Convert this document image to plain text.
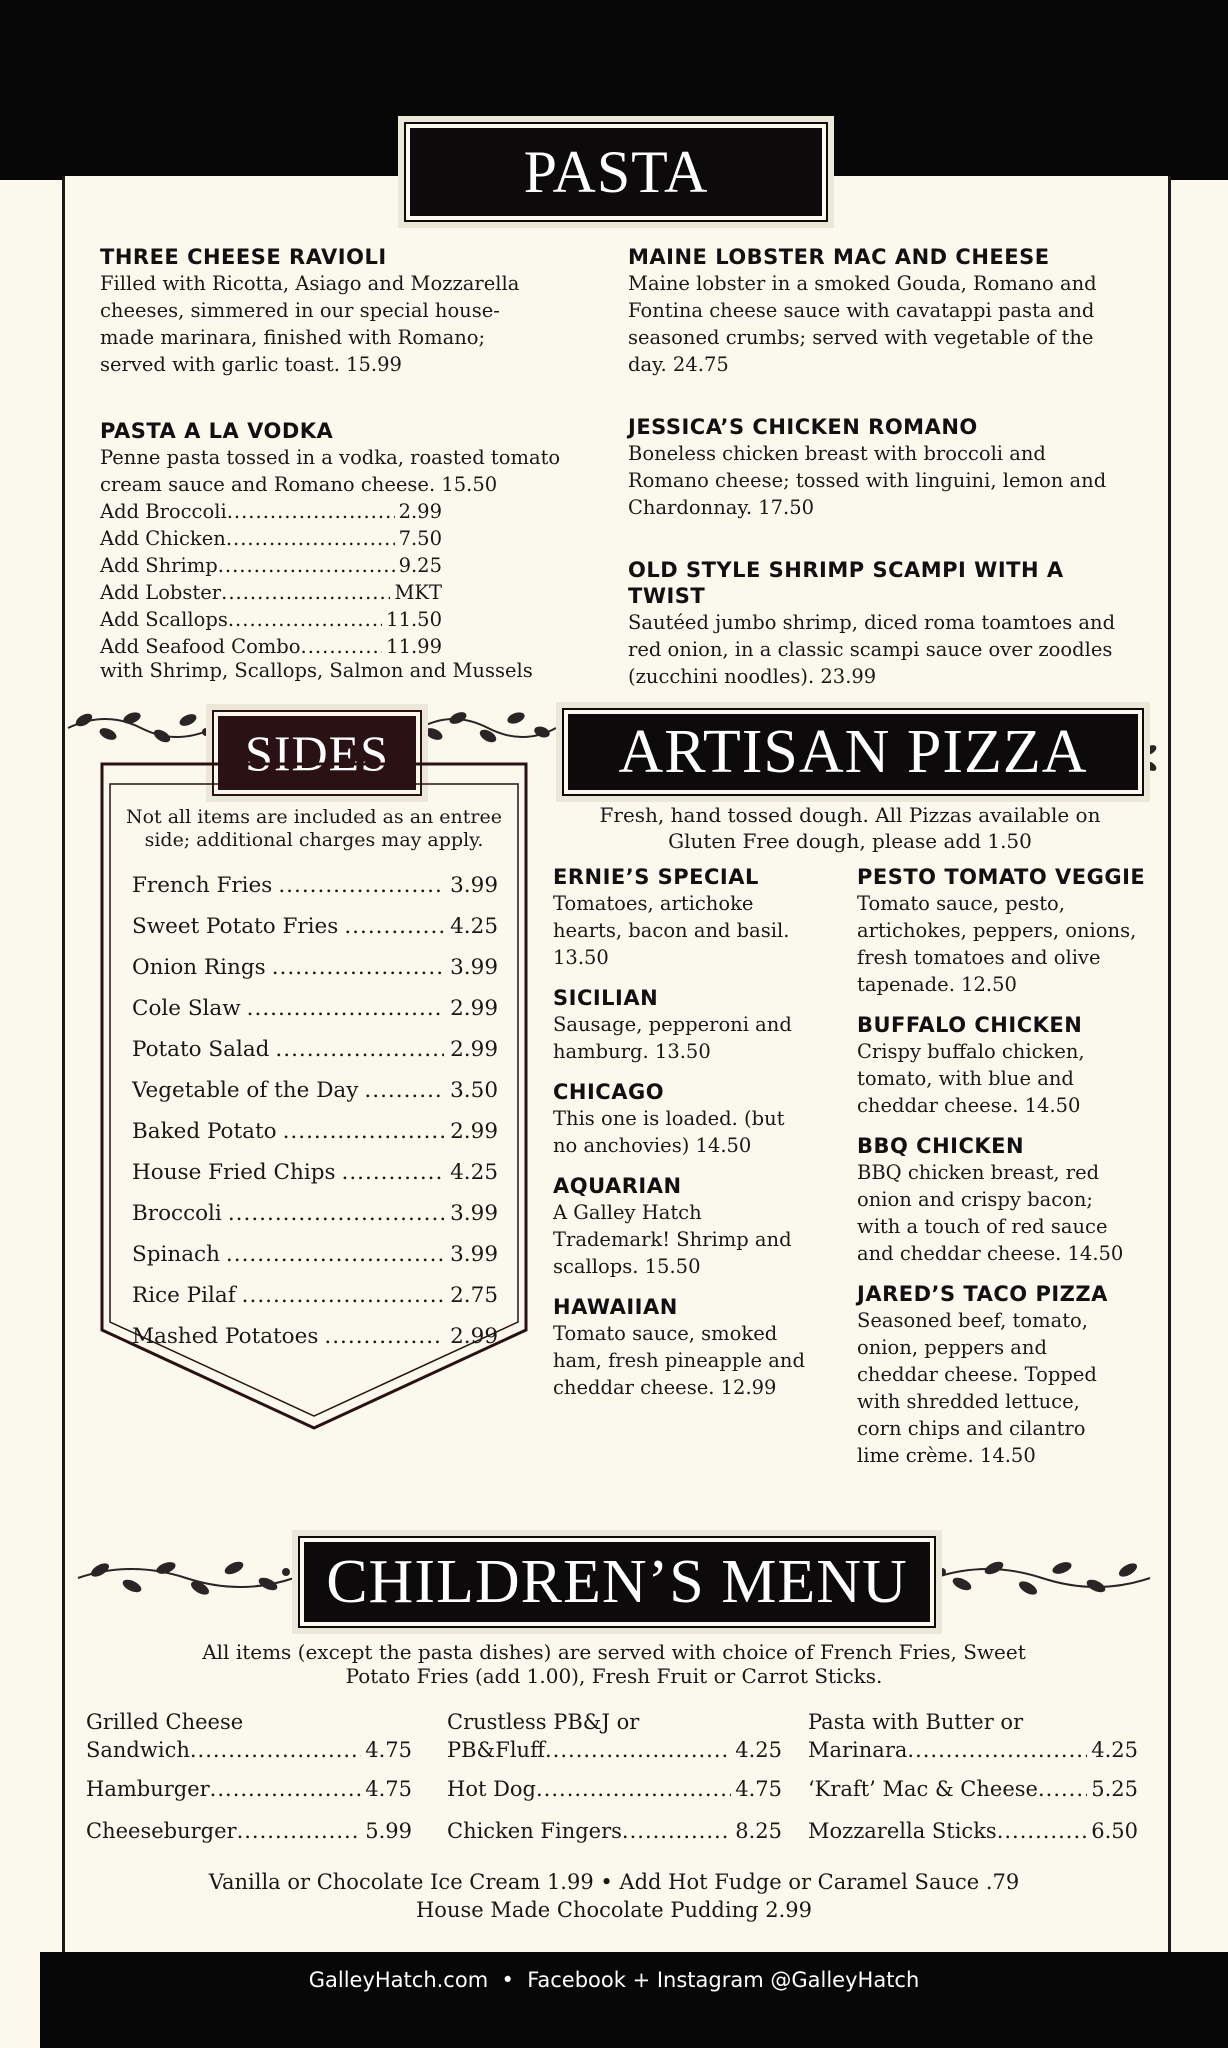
PASTA
THREE CHEESE RAVIOLI
Filled with Ricotta, Asiago and Mozzarella cheeses, simmered in our special house-made marinara, finished with Romano; served with garlic toast. 15.99
PASTA A LA VODKA
Penne pasta tossed in a vodka, roasted tomato cream sauce and Romano cheese. 15.50
Add Broccoli .....	2.99
Add Chicken .....	7.50
Add Shrimp .....	9.25
Add Lobster .....	MKT
Add Scallops .....	11.50
Add Seafood Combo .....	11.99
with Shrimp, Scallops, Salmon and Mussels
MAINE LOBSTER MAC AND CHEESE
Maine lobster in a smoked Gouda, Romano and Fontina cheese sauce with cavatappi pasta and seasoned crumbs; served with vegetable of the day. 24.75
JESSICA’S CHICKEN ROMANO
Boneless chicken breast with broccoli and Romano cheese; tossed with linguini, lemon and Chardonnay. 17.50
OLD STYLE SHRIMP SCAMPI WITH A TWIST
Sautéed jumbo shrimp, diced roma toamtoes and red onion, in a classic scampi sauce over zoodles (zucchini noodles). 23.99
SIDES
Not all items are included as an entree side; additional charges may apply.
French Fries .....	3.99
Sweet Potato Fries .....	4.25
Onion Rings .....	3.99
Cole Slaw .....	2.99
Potato Salad .....	2.99
Vegetable of the Day .....	3.50
Baked Potato .....	2.99
House Fried Chips .....	4.25
Broccoli .....	3.99
Spinach .....	3.99
Rice Pilaf .....	2.75
Mashed Potatoes .....	2.99
ARTISAN PIZZA
Fresh, hand tossed dough. All Pizzas available on
Gluten Free dough, please add 1.50
ERNIE’S SPECIAL
Tomatoes, artichoke hearts, bacon and basil. 13.50
SICILIAN
Sausage, pepperoni and hamburg. 13.50
CHICAGO
This one is loaded. (but no anchovies) 14.50
AQUARIAN
A Galley Hatch Trademark! Shrimp and scallops. 15.50
HAWAIIAN
Tomato sauce, smoked ham, fresh pineapple and cheddar cheese. 12.99
PESTO TOMATO VEGGIE
Tomato sauce, pesto, artichokes, peppers, onions, fresh tomatoes and olive tapenade. 12.50
BUFFALO CHICKEN
Crispy buffalo chicken, tomato, with blue and cheddar cheese. 14.50
BBQ CHICKEN
BBQ chicken breast, red onion and crispy bacon; with a touch of red sauce and cheddar cheese. 14.50
JARED’S TACO PIZZA
Seasoned beef, tomato, onion, peppers and cheddar cheese. Topped with shredded lettuce, corn chips and cilantro lime crème. 14.50
CHILDREN’S MENU
All items (except the pasta dishes) are served with choice of French Fries, Sweet
Potato Fries (add 1.00), Fresh Fruit or Carrot Sticks.
Grilled Cheese
Sandwich .....	4.75
Hamburger .....	4.75
Cheeseburger .....	5.99
Crustless PB&J or
PB&Fluff .....	4.25
Hot Dog .....	4.75
Chicken Fingers .....	8.25
Pasta with Butter or
Marinara .....	4.25
‘Kraft’ Mac & Cheese .....	5.25
Mozzarella Sticks .....	6.50
Vanilla or Chocolate Ice Cream 1.99 • Add Hot Fudge or Caramel Sauce .79
House Made Chocolate Pudding 2.99
GalleyHatch.com  •  Facebook + Instagram @GalleyHatch
